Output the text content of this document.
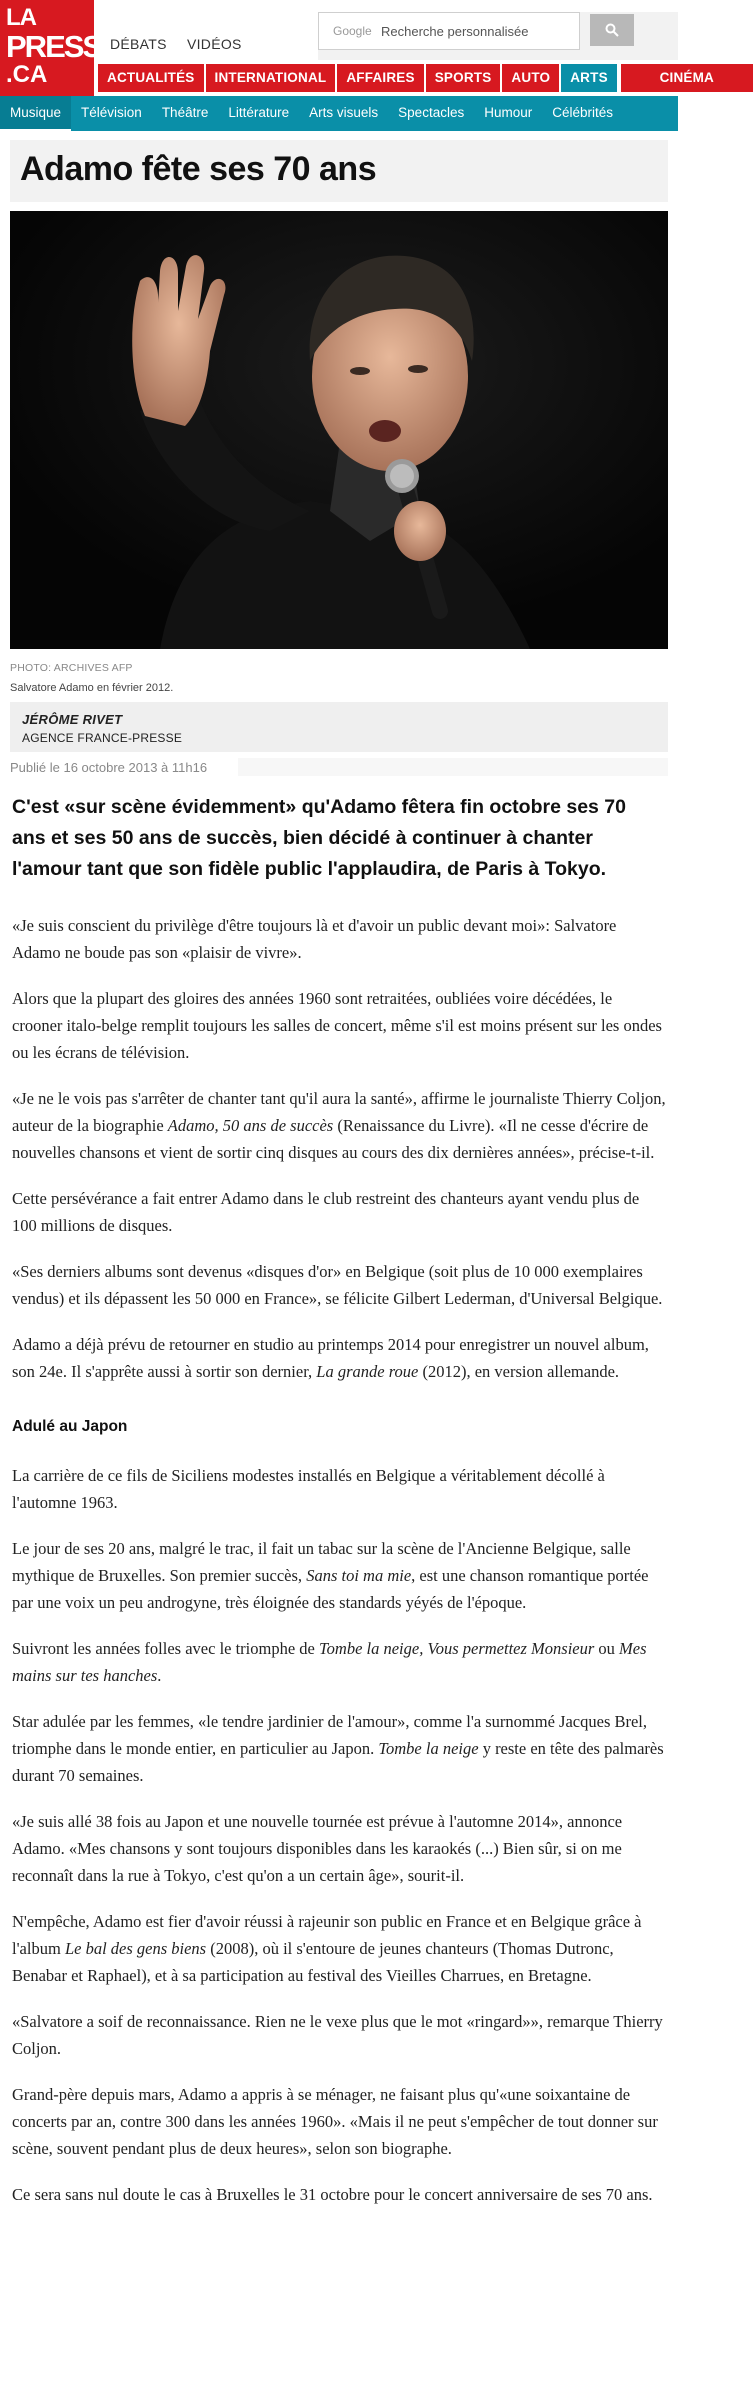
LA
PRESSE
.CA
DÉBATS VIDÉOS
Recherche personnalisée
Google
ACTUALITÉS	INTERNATIONAL	AFFAIRES	SPORTS	AUTO	ARTS	CINÉMA
Musique	Télévision	Théâtre	Littérature	Arts visuels	Spectacles	Humour	Célébrités
Adamo fête ses 70 ans
PHOTO: ARCHIVES AFP
Salvatore Adamo en février 2012.
JÉRÔME RIVET
AGENCE FRANCE-PRESSE
Publié le 16 octobre 2013 à 11h16

C'est «sur scène évidemment» qu'Adamo fêtera fin octobre ses 70 ans et ses 50 ans de succès, bien décidé à continuer à chanter l'amour tant que son fidèle public l'applaudira, de Paris à Tokyo.

«Je suis conscient du privilège d'être toujours là et d'avoir un public devant moi»: Salvatore Adamo ne boude pas son «plaisir de vivre».

Alors que la plupart des gloires des années 1960 sont retraitées, oubliées voire décédées, le crooner italo-belge remplit toujours les salles de concert, même s'il est moins présent sur les ondes ou les écrans de télévision.

«Je ne le vois pas s'arrêter de chanter tant qu'il aura la santé», affirme le journaliste Thierry Coljon, auteur de la biographie Adamo, 50 ans de succès (Renaissance du Livre). «Il ne cesse d'écrire de nouvelles chansons et vient de sortir cinq disques au cours des dix dernières années», précise-t-il.

Cette persévérance a fait entrer Adamo dans le club restreint des chanteurs ayant vendu plus de 100 millions de disques.

«Ses derniers albums sont devenus «disques d'or» en Belgique (soit plus de 10 000 exemplaires vendus) et ils dépassent les 50 000 en France», se félicite Gilbert Lederman, d'Universal Belgique.

Adamo a déjà prévu de retourner en studio au printemps 2014 pour enregistrer un nouvel album, son 24e. Il s'apprête aussi à sortir son dernier, La grande roue (2012), en version allemande.

Adulé au Japon

La carrière de ce fils de Siciliens modestes installés en Belgique a véritablement décollé à l'automne 1963.

Le jour de ses 20 ans, malgré le trac, il fait un tabac sur la scène de l'Ancienne Belgique, salle mythique de Bruxelles. Son premier succès, Sans toi ma mie, est une chanson romantique portée par une voix un peu androgyne, très éloignée des standards yéyés de l'époque.

Suivront les années folles avec le triomphe de Tombe la neige, Vous permettez Monsieur ou Mes mains sur tes hanches.

Star adulée par les femmes, «le tendre jardinier de l'amour», comme l'a surnommé Jacques Brel, triomphe dans le monde entier, en particulier au Japon. Tombe la neige y reste en tête des palmarès durant 70 semaines.

«Je suis allé 38 fois au Japon et une nouvelle tournée est prévue à l'automne 2014», annonce Adamo. «Mes chansons y sont toujours disponibles dans les karaokés (...) Bien sûr, si on me reconnaît dans la rue à Tokyo, c'est qu'on a un certain âge», sourit-il.

N'empêche, Adamo est fier d'avoir réussi à rajeunir son public en France et en Belgique grâce à l'album Le bal des gens biens (2008), où il s'entoure de jeunes chanteurs (Thomas Dutronc, Benabar et Raphael), et à sa participation au festival des Vieilles Charrues, en Bretagne.

«Salvatore a soif de reconnaissance. Rien ne le vexe plus que le mot «ringard»», remarque Thierry Coljon.

Grand-père depuis mars, Adamo a appris à se ménager, ne faisant plus qu'«une soixantaine de concerts par an, contre 300 dans les années 1960». «Mais il ne peut s'empêcher de tout donner sur scène, souvent pendant plus de deux heures», selon son biographe.

Ce sera sans nul doute le cas à Bruxelles le 31 octobre pour le concert anniversaire de ses 70 ans.
